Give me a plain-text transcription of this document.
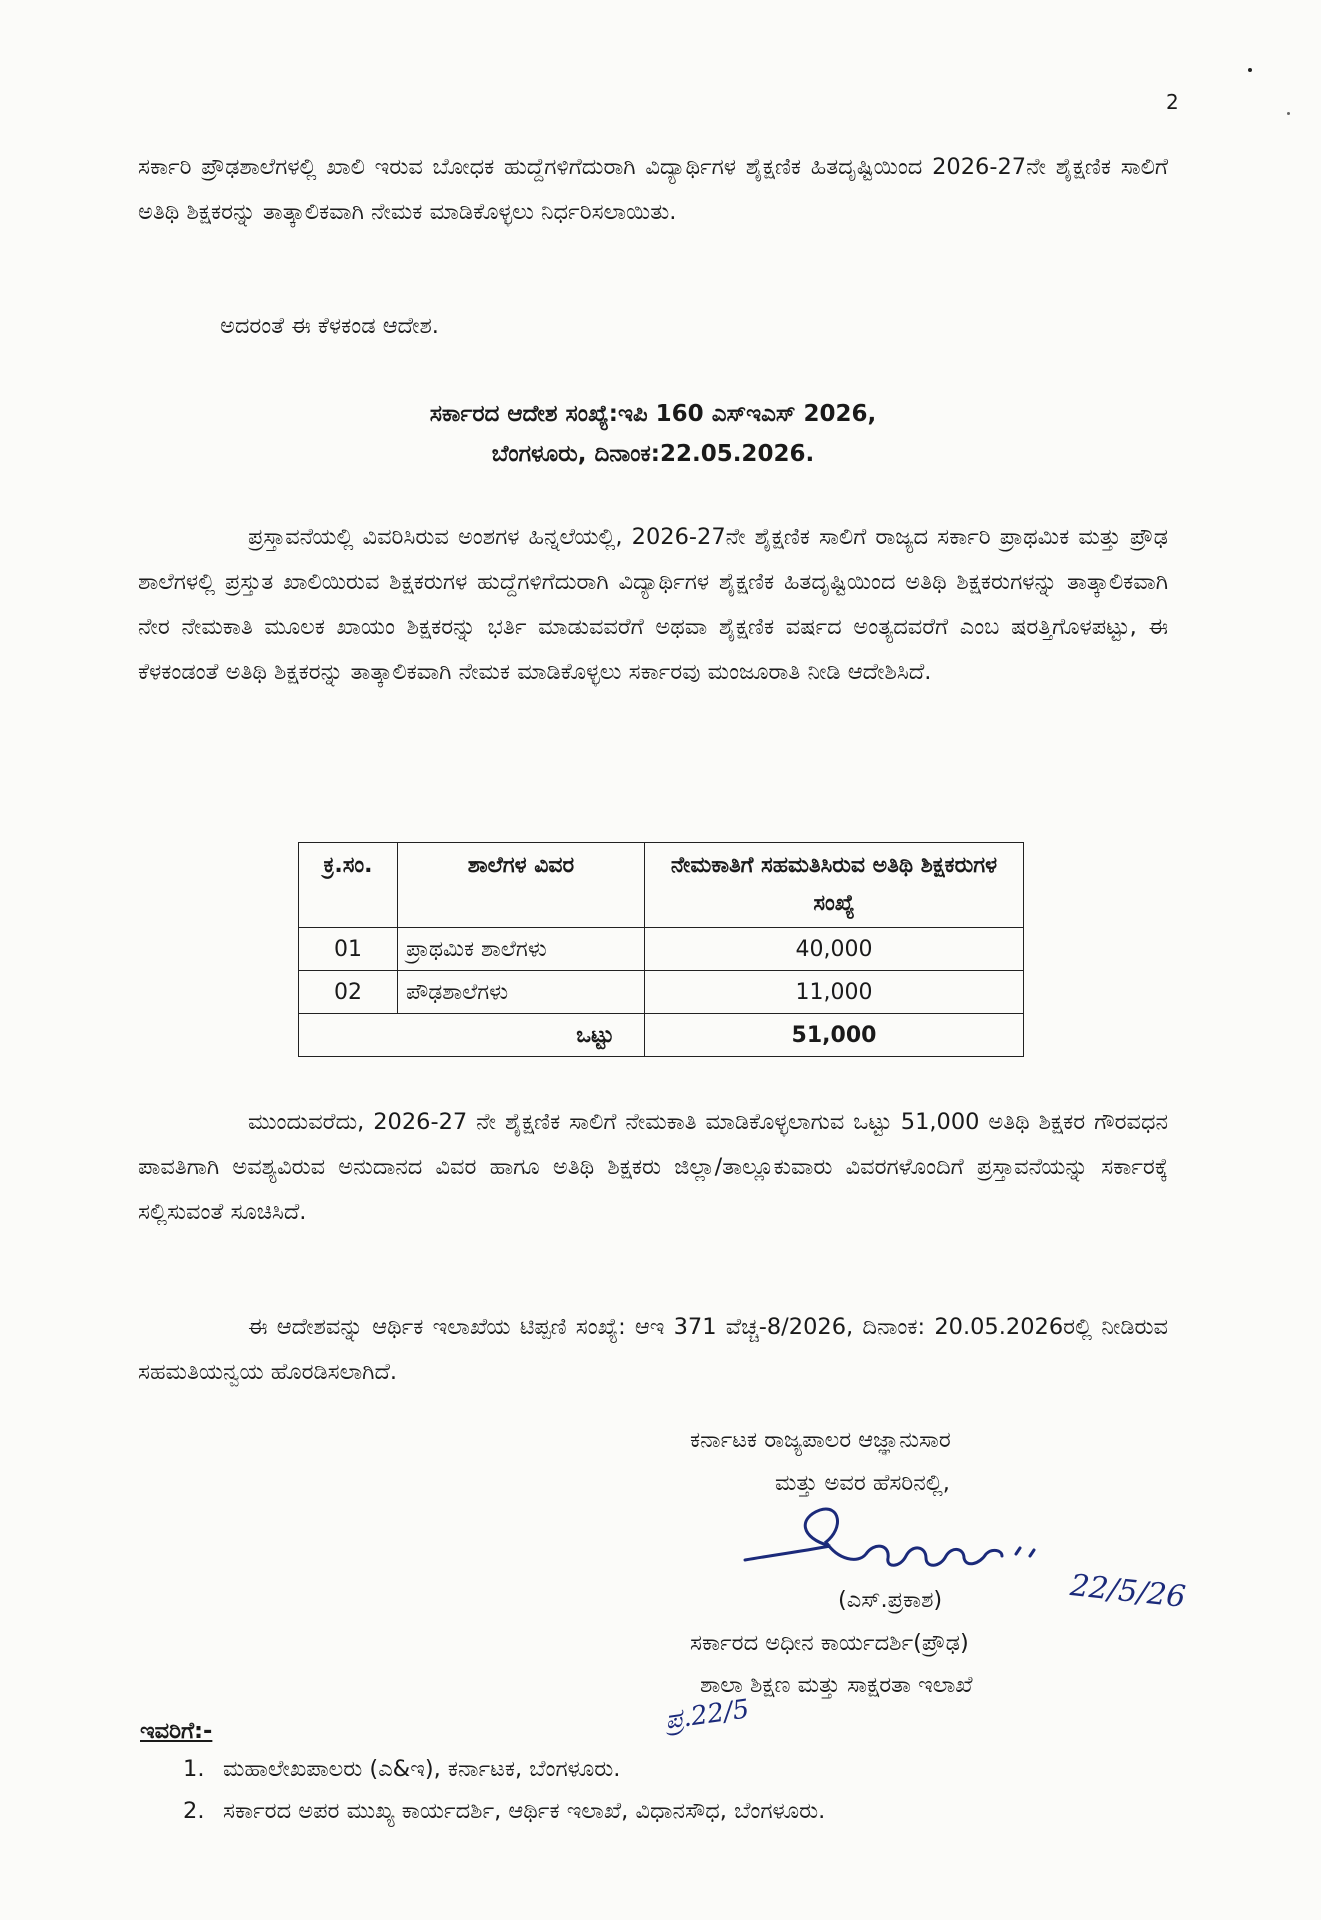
2
ಸರ್ಕಾರಿ ಪ್ರೌಢಶಾಲೆಗಳಲ್ಲಿ ಖಾಲಿ ಇರುವ ಬೋಧಕ ಹುದ್ದೆಗಳಿಗೆದುರಾಗಿ ವಿದ್ಯಾರ್ಥಿಗಳ ಶೈಕ್ಷಣಿಕ ಹಿತದೃಷ್ಟಿಯಿಂದ 2026-27ನೇ ಶೈಕ್ಷಣಿಕ ಸಾಲಿಗೆ ಅತಿಥಿ ಶಿಕ್ಷಕರನ್ನು ತಾತ್ಕಾಲಿಕವಾಗಿ ನೇಮಕ ಮಾಡಿಕೊಳ್ಳಲು ನಿರ್ಧರಿಸಲಾಯಿತು.
ಅದರಂತೆ ಈ ಕೆಳಕಂಡ ಆದೇಶ.
ಸರ್ಕಾರದ ಆದೇಶ ಸಂಖ್ಯೆ:ಇಪಿ 160 ಎಸ್‌ಇಎಸ್ 2026,
ಬೆಂಗಳೂರು, ದಿನಾಂಕ:22.05.2026.
ಪ್ರಸ್ತಾವನೆಯಲ್ಲಿ ವಿವರಿಸಿರುವ ಅಂಶಗಳ ಹಿನ್ನಲೆಯಲ್ಲಿ, 2026-27ನೇ ಶೈಕ್ಷಣಿಕ ಸಾಲಿಗೆ ರಾಜ್ಯದ ಸರ್ಕಾರಿ ಪ್ರಾಥಮಿಕ ಮತ್ತು ಪ್ರೌಢ ಶಾಲೆಗಳಲ್ಲಿ ಪ್ರಸ್ತುತ ಖಾಲಿಯಿರುವ ಶಿಕ್ಷಕರುಗಳ ಹುದ್ದೆಗಳಿಗೆದುರಾಗಿ ವಿದ್ಯಾರ್ಥಿಗಳ ಶೈಕ್ಷಣಿಕ ಹಿತದೃಷ್ಟಿಯಿಂದ ಅತಿಥಿ ಶಿಕ್ಷಕರುಗಳನ್ನು ತಾತ್ಕಾಲಿಕವಾಗಿ ನೇರ ನೇಮಕಾತಿ ಮೂಲಕ ಖಾಯಂ ಶಿಕ್ಷಕರನ್ನು ಭರ್ತಿ ಮಾಡುವವರೆಗೆ ಅಥವಾ ಶೈಕ್ಷಣಿಕ ವರ್ಷದ ಅಂತ್ಯದವರೆಗೆ ಎಂಬ ಷರತ್ತಿಗೊಳಪಟ್ಟು, ಈ ಕೆಳಕಂಡಂತೆ ಅತಿಥಿ ಶಿಕ್ಷಕರನ್ನು ತಾತ್ಕಾಲಿಕವಾಗಿ ನೇಮಕ ಮಾಡಿಕೊಳ್ಳಲು ಸರ್ಕಾರವು ಮಂಜೂರಾತಿ ನೀಡಿ ಆದೇಶಿಸಿದೆ.
ಕ್ರ.ಸಂ.	ಶಾಲೆಗಳ ವಿವರ	ನೇಮಕಾತಿಗೆ ಸಹಮತಿಸಿರುವ ಅತಿಥಿ ಶಿಕ್ಷಕರುಗಳ ಸಂಖ್ಯೆ
01	ಪ್ರಾಥಮಿಕ ಶಾಲೆಗಳು	40,000
02	ಪೌಢಶಾಲೆಗಳು	11,000
ಒಟ್ಟು		51,000
ಮುಂದುವರೆದು, 2026-27 ನೇ ಶೈಕ್ಷಣಿಕ ಸಾಲಿಗೆ ನೇಮಕಾತಿ ಮಾಡಿಕೊಳ್ಳಲಾಗುವ ಒಟ್ಟು 51,000 ಅತಿಥಿ ಶಿಕ್ಷಕರ ಗೌರವಧನ ಪಾವತಿಗಾಗಿ ಅವಶ್ಯವಿರುವ ಅನುದಾನದ ವಿವರ ಹಾಗೂ ಅತಿಥಿ ಶಿಕ್ಷಕರು ಜಿಲ್ಲಾ/ತಾಲ್ಲೂಕುವಾರು ವಿವರಗಳೊಂದಿಗೆ ಪ್ರಸ್ತಾವನೆಯನ್ನು ಸರ್ಕಾರಕ್ಕೆ ಸಲ್ಲಿಸುವಂತೆ ಸೂಚಿಸಿದೆ.
ಈ ಆದೇಶವನ್ನು ಆರ್ಥಿಕ ಇಲಾಖೆಯ ಟಿಪ್ಪಣಿ ಸಂಖ್ಯೆ: ಆಇ 371 ವೆಚ್ಚ-8/2026, ದಿನಾಂಕ: 20.05.2026ರಲ್ಲಿ ನೀಡಿರುವ ಸಹಮತಿಯನ್ವಯ ಹೊರಡಿಸಲಾಗಿದೆ.
ಕರ್ನಾಟಕ ರಾಜ್ಯಪಾಲರ ಆಜ್ಞಾನುಸಾರ
ಮತ್ತು ಅವರ ಹೆಸರಿನಲ್ಲಿ,
22/5/26
(ಎಸ್.ಪ್ರಕಾಶ)
ಸರ್ಕಾರದ ಅಧೀನ ಕಾರ್ಯದರ್ಶಿ(ಪ್ರೌಢ)
ಶಾಲಾ ಶಿಕ್ಷಣ ಮತ್ತು ಸಾಕ್ಷರತಾ ಇಲಾಖೆ
ಪ್ರ.22/5
ಇವರಿಗೆ:-
1. ಮಹಾಲೇಖಪಾಲರು (ಎ&ಇ), ಕರ್ನಾಟಕ, ಬೆಂಗಳೂರು.
2. ಸರ್ಕಾರದ ಅಪರ ಮುಖ್ಯ ಕಾರ್ಯದರ್ಶಿ, ಆರ್ಥಿಕ ಇಲಾಖೆ, ವಿಧಾನಸೌಧ, ಬೆಂಗಳೂರು.
